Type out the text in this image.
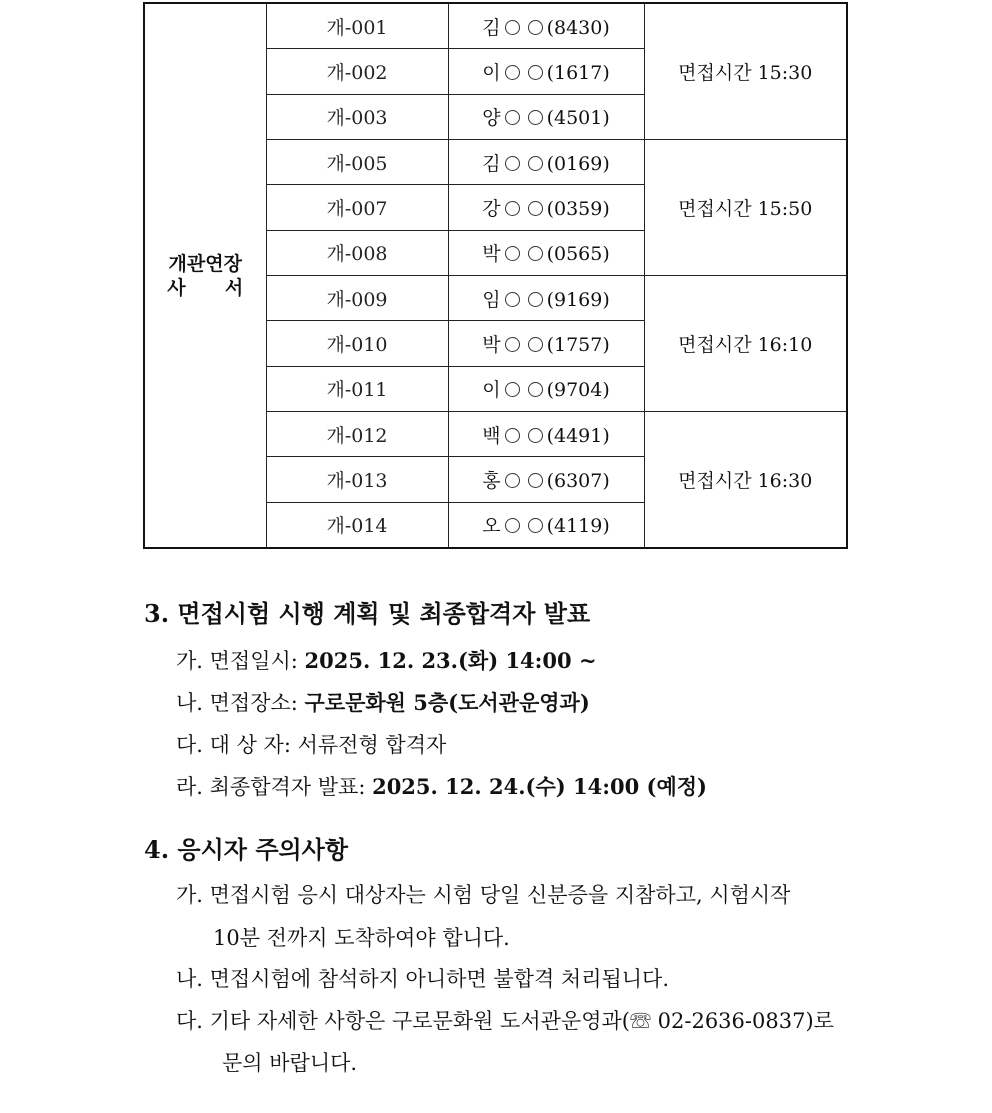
개관연장
사 서	개-001	김 (8430)	면접시간 15:30
	개-002	이 (1617)	
	개-003	양 (4501)	
	개-005	김 (0169)	면접시간 15:50
	개-007	강 (0359)	
	개-008	박 (0565)	
	개-009	임 (9169)	면접시간 16:10
	개-010	박 (1757)	
	개-011	이 (9704)	
	개-012	백 (4491)	면접시간 16:30
	개-013	홍 (6307)	
	개-014	오 (4119)	
3. 면접시험 시행 계획 및 최종합격자 발표
가. 면접일시: 2025. 12. 23.(화) 14:00 ~
나. 면접장소: 구로문화원 5층(도서관운영과)
다. 대 상 자: 서류전형 합격자
라. 최종합격자 발표: 2025. 12. 24.(수) 14:00 (예정)
4. 응시자 주의사항
가. 면접시험 응시 대상자는 시험 당일 신분증을 지참하고, 시험시작
10분 전까지 도착하여야 합니다.
나. 면접시험에 참석하지 아니하면 불합격 처리됩니다.
다. 기타 자세한 사항은 구로문화원 도서관운영과(☏ 02-2636-0837)로
문의 바랍니다.
